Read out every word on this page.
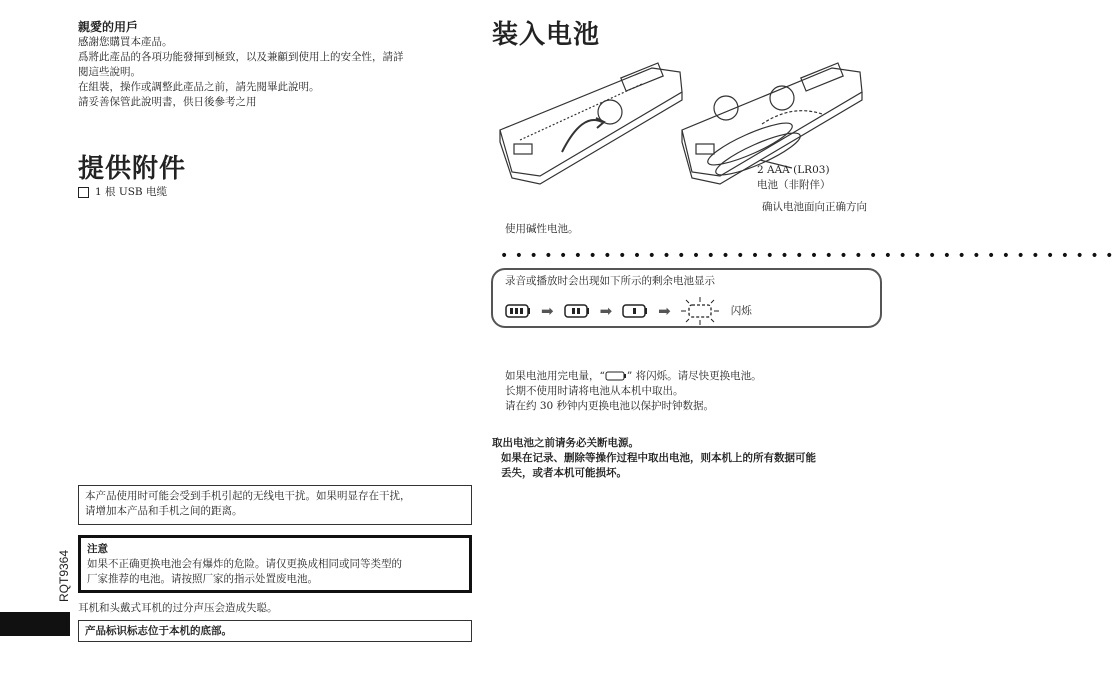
親愛的用戶
感謝您購買本產品。
爲將此產品的各項功能發揮到極致，以及兼顧到使用上的安全性，請詳
閱這些說明。
在組裝，操作或調整此產品之前，請先閱畢此說明。
請妥善保管此說明書，供日後參考之用
提供附件
1 根 USB 电缆
本产品使用时可能会受到手机引起的无线电干扰。如果明显存在干扰，
请增加本产品和手机之间的距离。
注意
如果不正确更换电池会有爆炸的危险。请仅更换成相同或同等类型的
厂家推荐的电池。请按照厂家的指示处置废电池。
耳机和头戴式耳机的过分声压会造成失聪。
产品标识标志位于本机的底部。
RQT9364
装入电池
2 AAA (LR03)
电池（非附伴）
确认电池面向正确方向
使用碱性电池。
••••••••••••••••••••••••••••••••••••••••••
录音或播放时会出现如下所示的剩余电池显示
➡	➡	➡	闪烁
如果电池用完电量，“ ” 将闪烁。请尽快更换电池。
长期不使用时请将电池从本机中取出。
请在约 30 秒钟内更换电池以保护时钟数据。
取出电池之前请务必关断电源。
如果在记录、删除等操作过程中取出电池，则本机上的所有数据可能
丢失，或者本机可能损坏。
